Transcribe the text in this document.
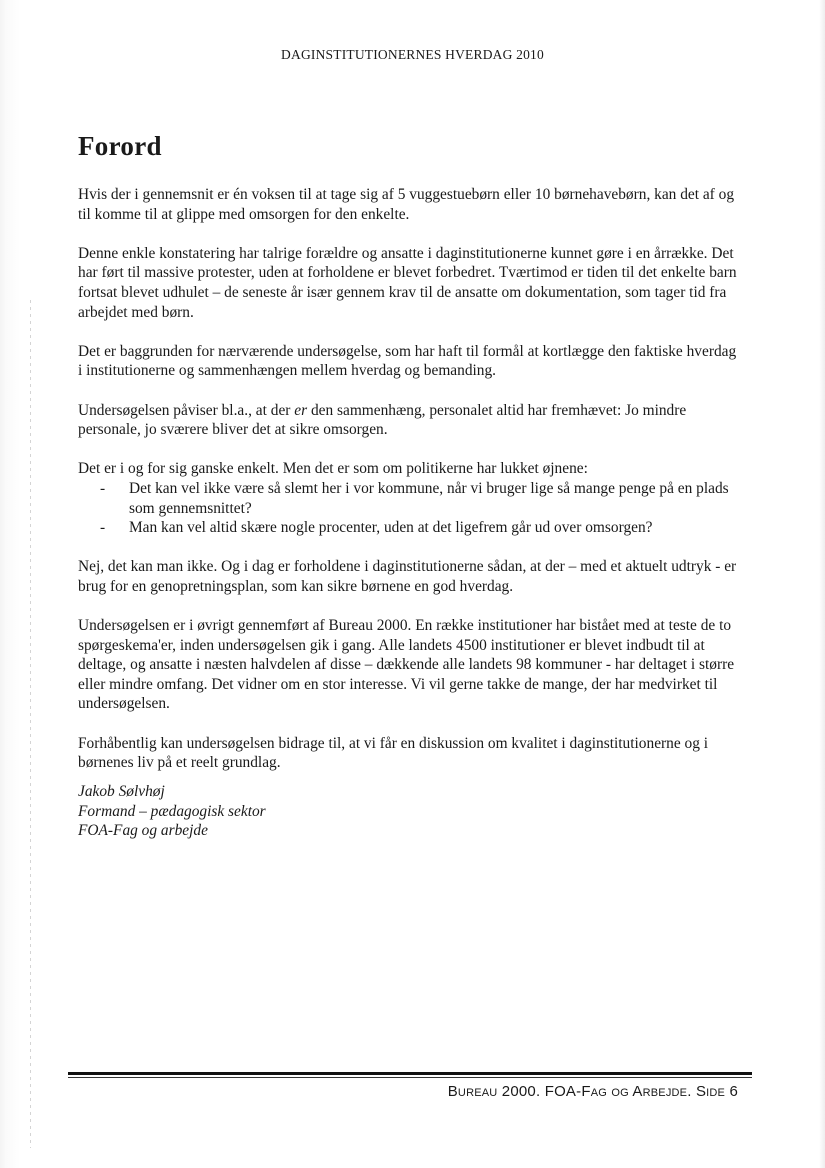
DAGINSTITUTIONERNES HVERDAG 2010
Forord

Hvis der i gennemsnit er én voksen til at tage sig af 5 vuggestuebørn eller 10 børnehavebørn, kan det af og til komme til at glippe med omsorgen for den enkelte.

Denne enkle konstatering har talrige forældre og ansatte i daginstitutionerne kunnet gøre i en årrække. Det har ført til massive protester, uden at forholdene er blevet forbedret. Tværtimod er tiden til det enkelte barn fortsat blevet udhulet – de seneste år især gennem krav til de ansatte om dokumentation, som tager tid fra arbejdet med børn.

Det er baggrunden for nærværende undersøgelse, som har haft til formål at kortlægge den faktiske hverdag i institutionerne og sammenhængen mellem hverdag og bemanding.

Undersøgelsen påviser bl.a., at der er den sammenhæng, personalet altid har fremhævet: Jo mindre personale, jo sværere bliver det at sikre omsorgen.

Det er i og for sig ganske enkelt. Men det er som om politikerne har lukket øjnene:

- Det kan vel ikke være så slemt her i vor kommune, når vi bruger lige så mange penge på en plads som gennemsnittet?
- Man kan vel altid skære nogle procenter, uden at det ligefrem går ud over omsorgen?

Nej, det kan man ikke. Og i dag er forholdene i daginstitutionerne sådan, at der – med et aktuelt udtryk - er brug for en genopretningsplan, som kan sikre børnene en god hverdag.

Undersøgelsen er i øvrigt gennemført af Bureau 2000. En række institutioner har bistået med at teste de to spørgeskema'er, inden undersøgelsen gik i gang. Alle landets 4500 institutioner er blevet indbudt til at deltage, og ansatte i næsten halvdelen af disse – dækkende alle landets 98 kommuner - har deltaget i større eller mindre omfang. Det vidner om en stor interesse. Vi vil gerne takke de mange, der har medvirket til undersøgelsen.

Forhåbentlig kan undersøgelsen bidrage til, at vi får en diskussion om kvalitet i daginstitutionerne og i børnenes liv på et reelt grundlag.

Jakob Sølvhøj
Formand – pædagogisk sektor
FOA-Fag og arbejde
Bureau 2000. FOA-Fag og Arbejde. Side 6
